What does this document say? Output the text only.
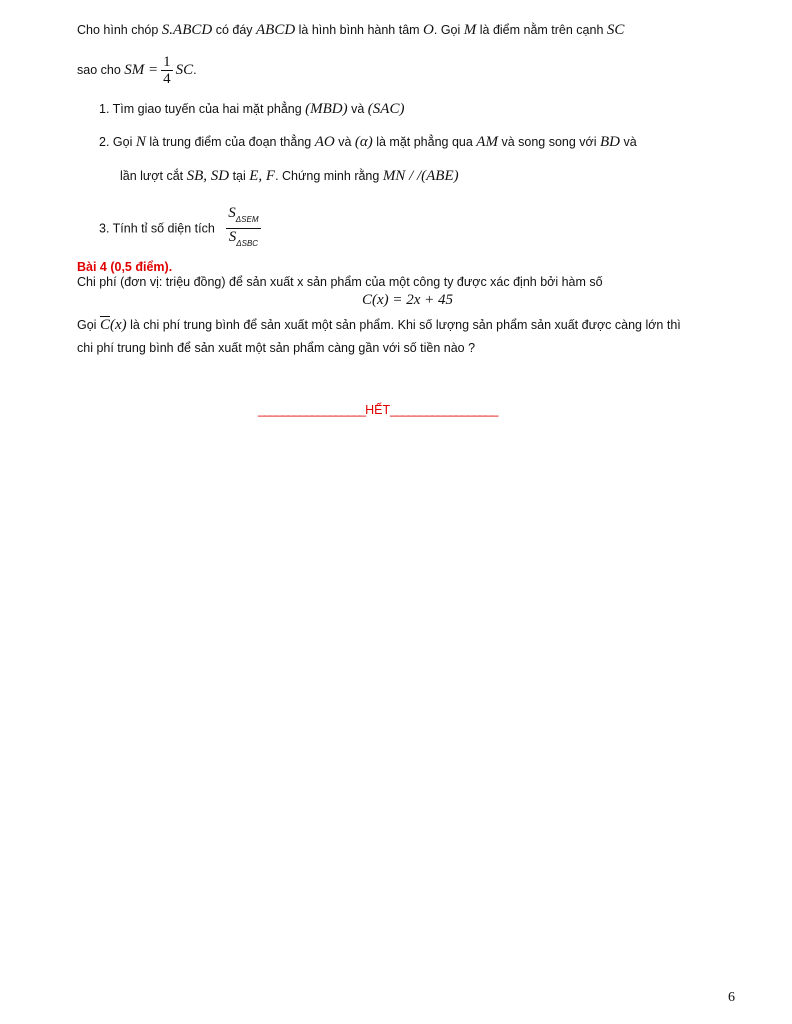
Cho hình chóp S.ABCD có đáy ABCD là hình bình hành tâm O. Gọi M là điểm nằm trên cạnh SC
sao cho SM = $\frac{1}{4}$ SC.
1. Tìm giao tuyến của hai mặt phẳng (MBD) và (SAC)
2. Gọi N là trung điểm của đoạn thẳng AO và (α) là mặt phẳng qua AM và song song với BD và
lần lượt cắt SB, SD tại E, F. Chứng minh rằng MN / /(ABE)
3. Tính tỉ số diện tích $\frac{S_{\Delta SEM}}{S_{\Delta SBC}}$
Bài 4 (0,5 điểm).
Chi phí (đơn vị: triệu đồng) để sản xuất x sản phẩm của một công ty được xác định bởi hàm số
C(x) = 2x + 45
Gọi $\overline{C}(x)$ là chi phí trung bình để sản xuất một sản phẩm. Khi số lượng sản phẩm sản xuất được càng lớn thì
chi phí trung bình để sản xuất một sản phẩm càng gần với số tiền nào ?
__________________HẾT__________________
6
